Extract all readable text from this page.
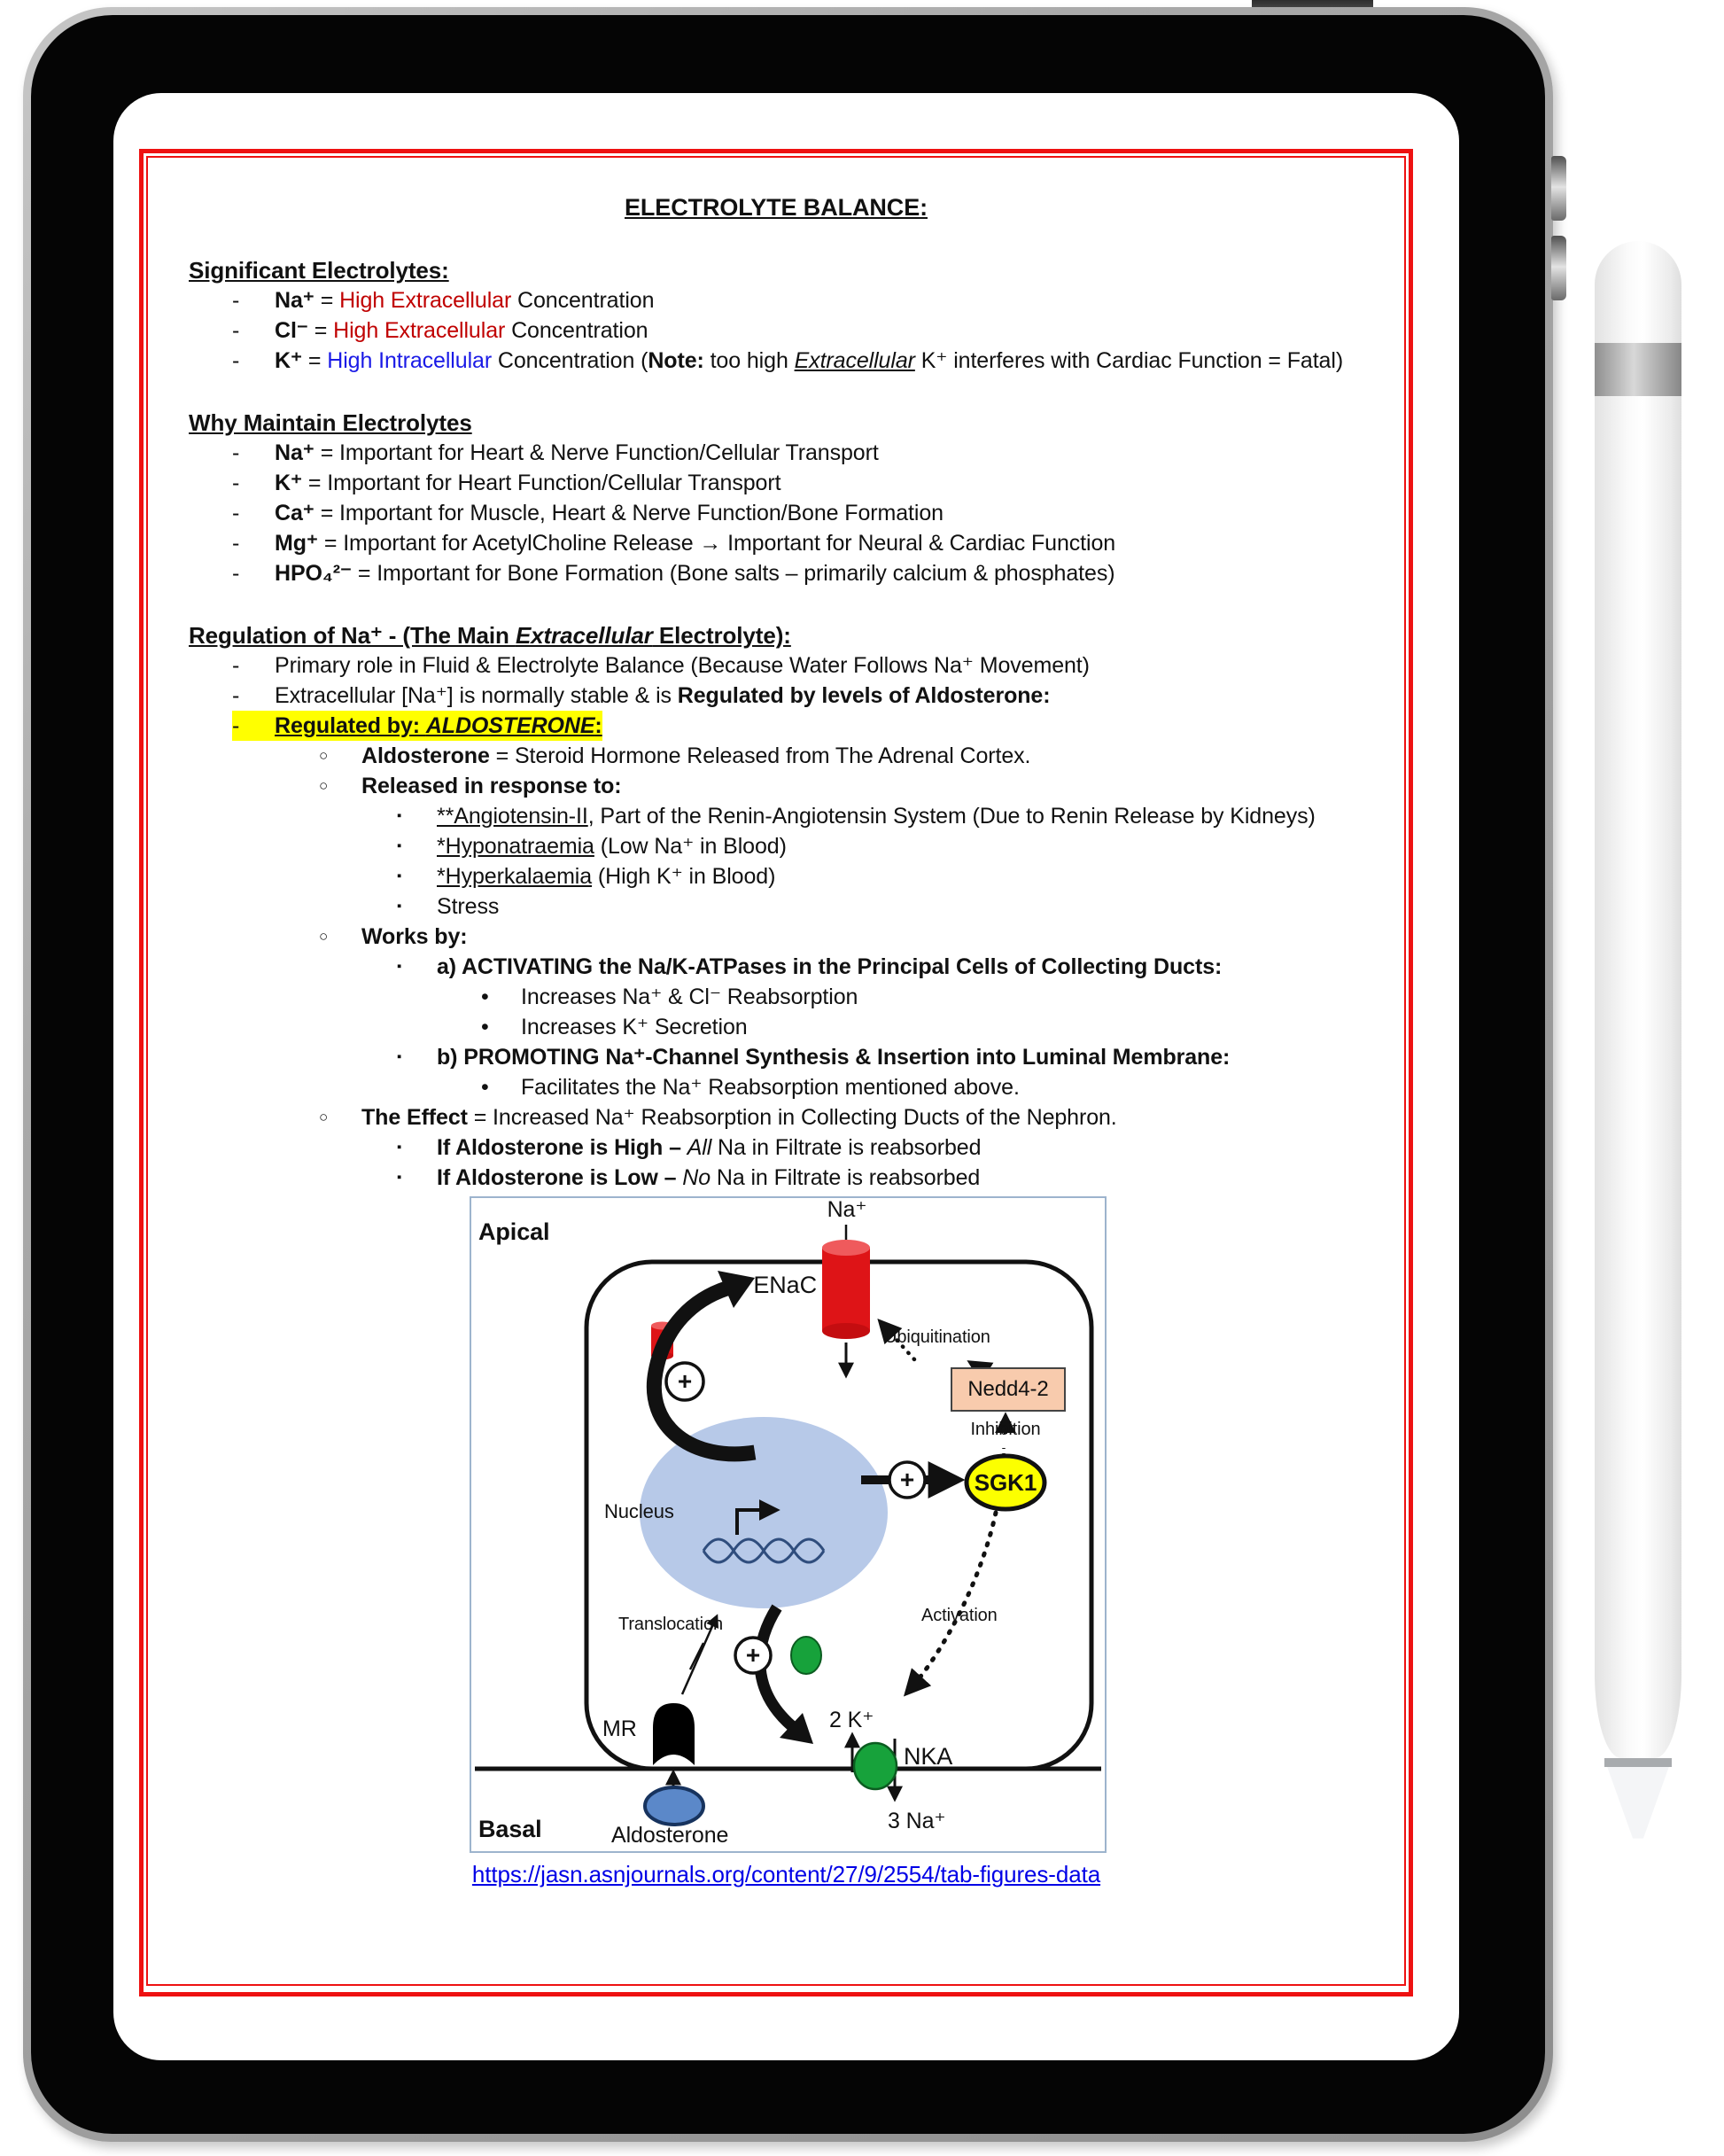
ELECTROLYTE BALANCE:
Significant Electrolytes:
-	Na⁺ = High Extracellular Concentration
-	Cl⁻ = High Extracellular Concentration
-	K⁺ = High Intracellular Concentration (Note: too high Extracellular K⁺ interferes with Cardiac Function = Fatal)
Why Maintain Electrolytes
-	Na⁺ = Important for Heart & Nerve Function/Cellular Transport
-	K⁺ = Important for Heart Function/Cellular Transport
-	Ca⁺ = Important for Muscle, Heart & Nerve Function/Bone Formation
-	Mg⁺ = Important for AcetylCholine Release → Important for Neural & Cardiac Function
-	HPO₄²⁻ = Important for Bone Formation (Bone salts – primarily calcium & phosphates)
Regulation of Na⁺ - (The Main Extracellular Electrolyte):
-	Primary role in Fluid & Electrolyte Balance (Because Water Follows Na⁺ Movement)
-	Extracellular [Na⁺] is normally stable & is Regulated by levels of Aldosterone:
-	Regulated by: ALDOSTERONE:
○	Aldosterone = Steroid Hormone Released from The Adrenal Cortex.
○	Released in response to:
▪	**Angiotensin-II, Part of the Renin-Angiotensin System (Due to Renin Release by Kidneys)
▪	*Hyponatraemia (Low Na⁺ in Blood)
▪	*Hyperkalaemia (High K⁺ in Blood)
▪	Stress
○	Works by:
▪	a) ACTIVATING the Na/K-ATPases in the Principal Cells of Collecting Ducts:
•	Increases Na⁺ & Cl⁻ Reabsorption
•	Increases K⁺ Secretion
▪	b) PROMOTING Na⁺-Channel Synthesis & Insertion into Luminal Membrane:
•	Facilitates the Na⁺ Reabsorption mentioned above.
○	The Effect = Increased Na⁺ Reabsorption in Collecting Ducts of the Nephron.
▪	If Aldosterone is High – All Na in Filtrate is reabsorbed
▪	If Aldosterone is Low – No Na in Filtrate is reabsorbed
Apical
Na⁺
ENaC
Ubiquitination
Nedd4-2
Inhibition
SGK1
Nucleus
Translocation	Activation
MR	2 K⁺
NKA
3 Na⁺
Aldosterone
Basal
+
+
+
https://jasn.asnjournals.org/content/27/9/2554/tab-figures-data
